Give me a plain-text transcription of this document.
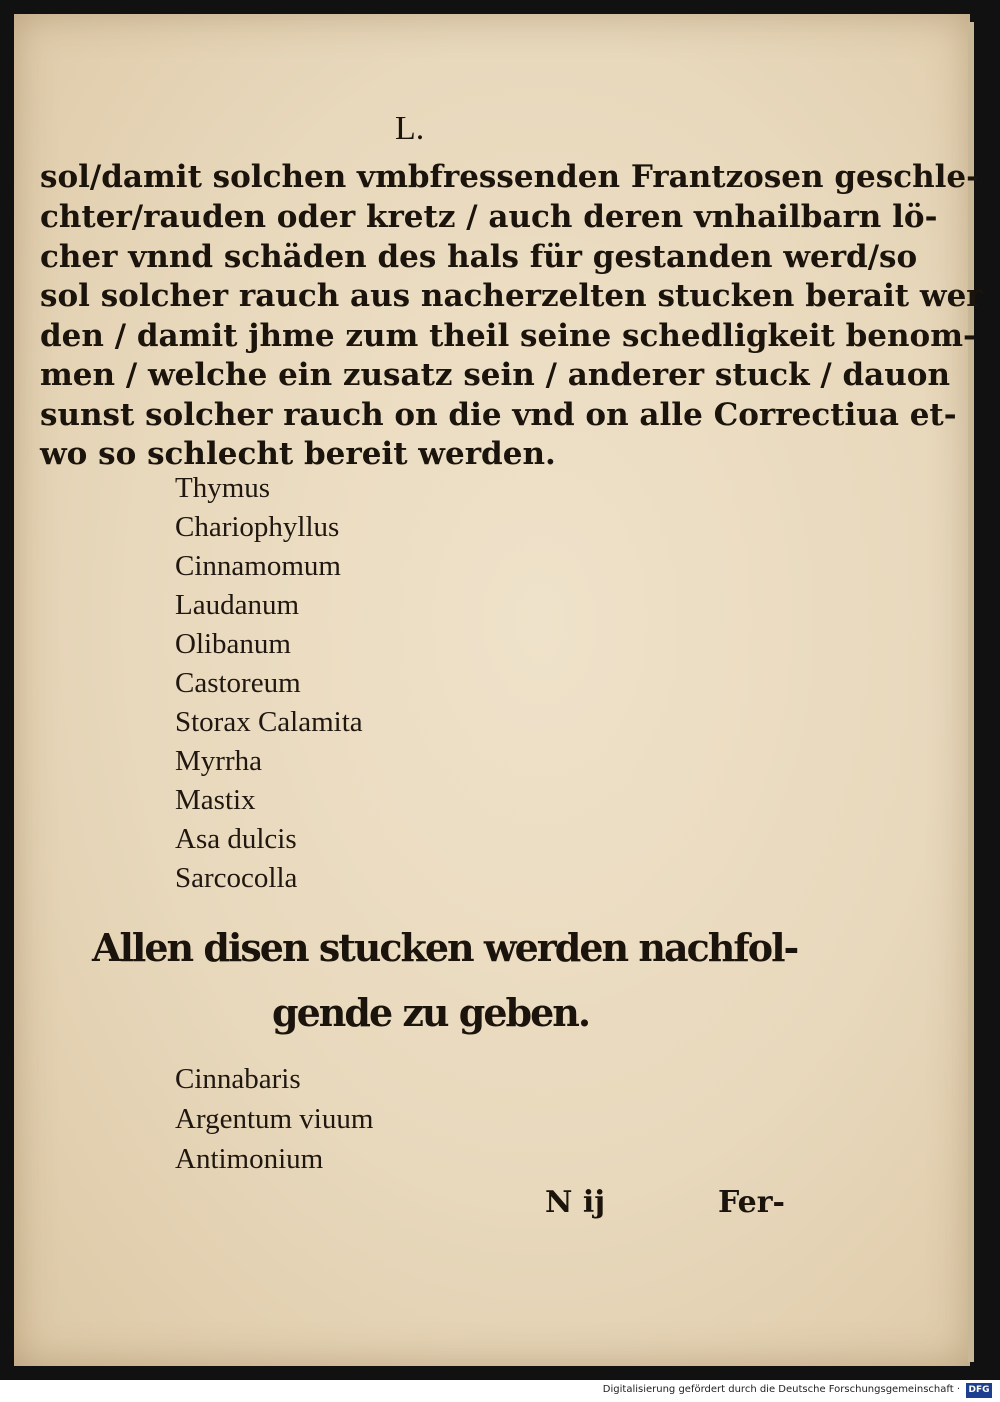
L.
sol/damit solchen vmbfressenden Frantzosen geschle-
chter/rauden oder kretz / auch deren vnhailbarn lö-
cher vnnd schäden des hals für gestanden werd/so
sol solcher rauch aus nacherzelten stucken berait wer
den / damit jhme zum theil seine schedligkeit benom-
men / welche ein zusatz sein / anderer stuck / dauon
sunst solcher rauch on die vnd on alle Correctiua et-
wo so schlecht bereit werden.
Thymus
Chariophyllus
Cinnamomum
Laudanum
Olibanum
Castoreum
Storax Calamita
Myrrha
Mastix
Asa dulcis
Sarcocolla
Allen disen stucken werden nachfol-
gende zu geben.
Cinnabaris
Argentum viuum
Antimonium
N ij	Fer-
Digitalisierung gefördert durch die Deutsche Forschungsgemeinschaft · DFG
